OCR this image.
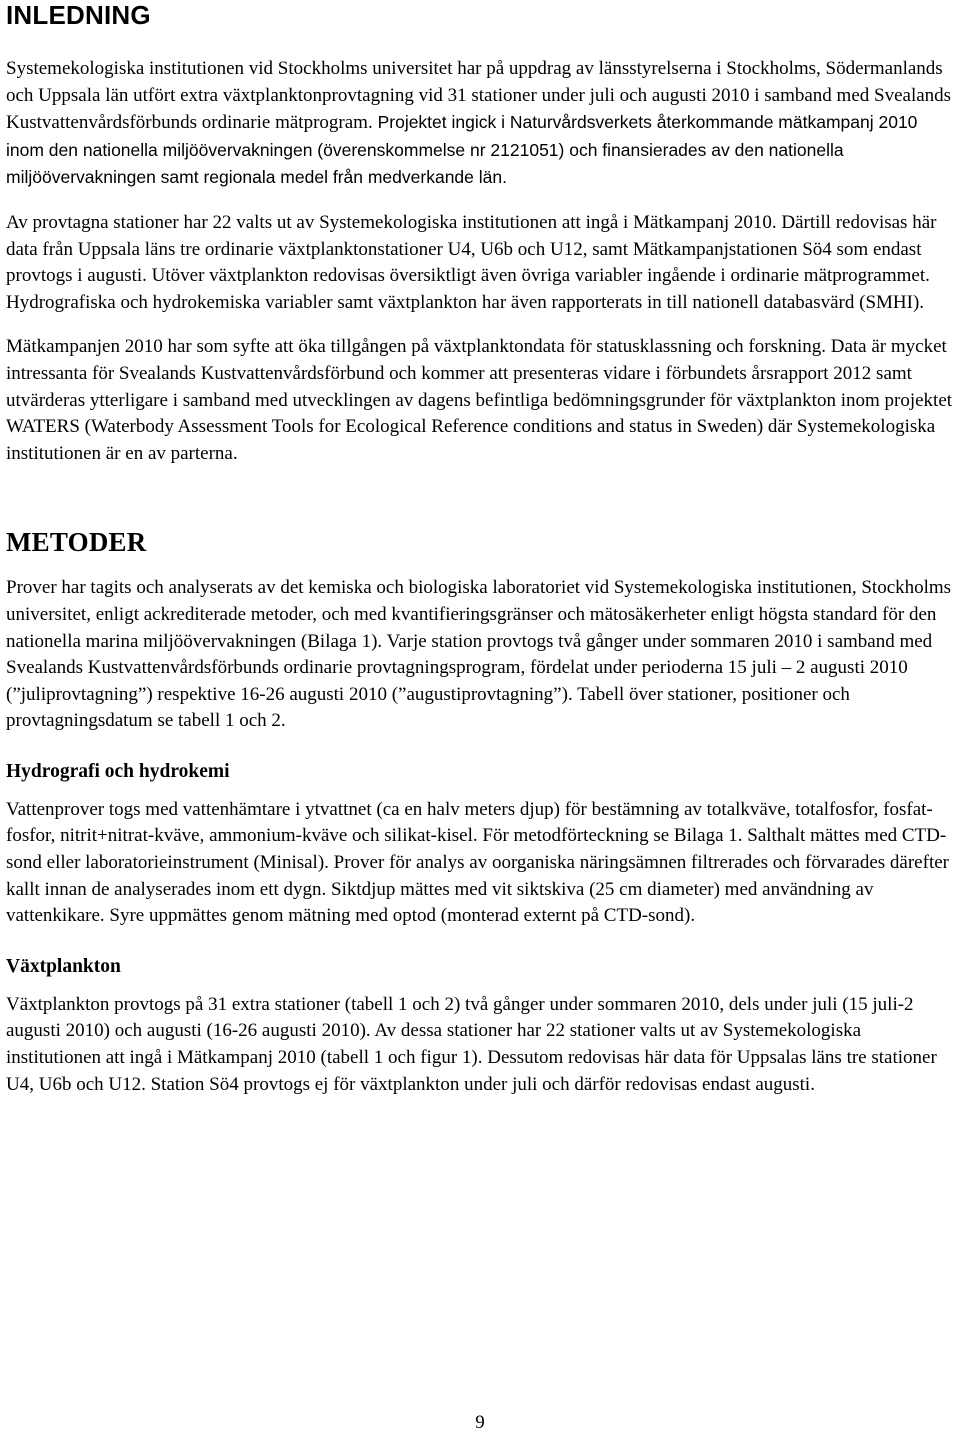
INLEDNING

Systemekologiska institutionen vid Stockholms universitet har på uppdrag av länsstyrelserna i Stockholms, Södermanlands och Uppsala län utfört extra växtplanktonprovtagning vid 31 stationer under juli och augusti 2010 i samband med Svealands Kustvattenvårdsförbunds ordinarie mätprogram. Projektet ingick i Naturvårdsverkets återkommande mätkampanj 2010 inom den nationella miljöövervakningen (överenskommelse nr 2121051) och finansierades av den nationella miljöövervakningen samt regionala medel från medverkande län.

Av provtagna stationer har 22 valts ut av Systemekologiska institutionen att ingå i Mätkampanj 2010. Därtill redovisas här data från Uppsala läns tre ordinarie växtplanktonstationer U4, U6b och U12, samt Mätkampanjstationen Sö4 som endast provtogs i augusti. Utöver växtplankton redovisas översiktligt även övriga variabler ingående i ordinarie mätprogrammet. Hydrografiska och hydrokemiska variabler samt växtplankton har även rapporterats in till nationell databasvärd (SMHI).

Mätkampanjen 2010 har som syfte att öka tillgången på växtplanktondata för statusklassning och forskning. Data är mycket intressanta för Svealands Kustvattenvårdsförbund och kommer att presenteras vidare i förbundets årsrapport 2012 samt utvärderas ytterligare i samband med utvecklingen av dagens befintliga bedömningsgrunder för växtplankton inom projektet WATERS (Waterbody Assessment Tools for Ecological Reference conditions and status in Sweden) där Systemekologiska institutionen är en av parterna.

METODER

Prover har tagits och analyserats av det kemiska och biologiska laboratoriet vid Systemekologiska institutionen, Stockholms universitet, enligt ackrediterade metoder, och med kvantifieringsgränser och mätosäkerheter enligt högsta standard för den nationella marina miljöövervakningen (Bilaga 1). Varje station provtogs två gånger under sommaren 2010 i samband med Svealands Kustvattenvårdsförbunds ordinarie provtagningsprogram, fördelat under perioderna 15 juli – 2 augusti 2010 (”juliprovtagning”) respektive 16-26 augusti 2010 (”augustiprovtagning”). Tabell över stationer, positioner och provtagningsdatum se tabell 1 och 2.

Hydrografi och hydrokemi

Vattenprover togs med vattenhämtare i ytvattnet (ca en halv meters djup) för bestämning av totalkväve, totalfosfor, fosfat-fosfor, nitrit+nitrat-kväve, ammonium-kväve och silikat-kisel. För metodförteckning se Bilaga 1. Salthalt mättes med CTD-sond eller laboratorieinstrument (Minisal). Prover för analys av oorganiska näringsämnen filtrerades och förvarades därefter kallt innan de analyserades inom ett dygn. Siktdjup mättes med vit siktskiva (25 cm diameter) med användning av vattenkikare. Syre uppmättes genom mätning med optod (monterad externt på CTD-sond).

Växtplankton

Växtplankton provtogs på 31 extra stationer (tabell 1 och 2) två gånger under sommaren 2010, dels under juli (15 juli-2 augusti 2010) och augusti (16-26 augusti 2010). Av dessa stationer har 22 stationer valts ut av Systemekologiska institutionen att ingå i Mätkampanj 2010 (tabell 1 och figur 1). Dessutom redovisas här data för Uppsalas läns tre stationer U4, U6b och U12. Station Sö4 provtogs ej för växtplankton under juli och därför redovisas endast augusti.

9
